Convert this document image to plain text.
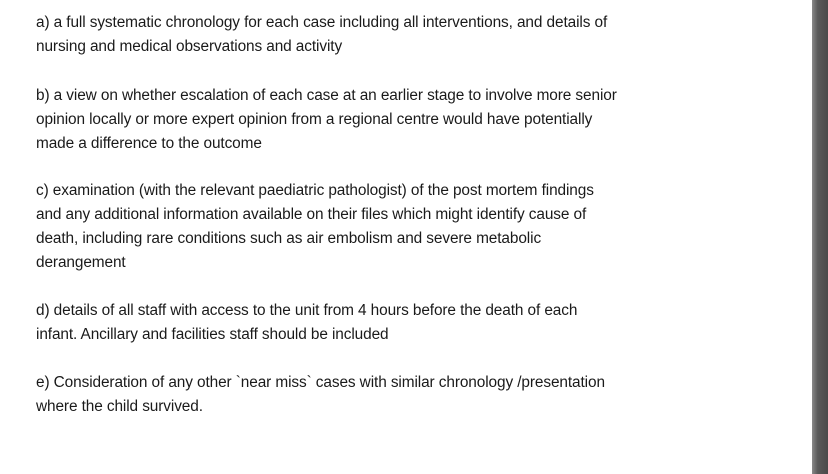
a) a full systematic chronology for each case including all interventions, and details of
nursing and medical observations and activity

b) a view on whether escalation of each case at an earlier stage to involve more senior
opinion locally or more expert opinion from a regional centre would have potentially
made a difference to the outcome

c) examination (with the relevant paediatric pathologist) of the post mortem findings
and any additional information available on their files which might identify cause of
death, including rare conditions such as air embolism and severe metabolic
derangement

d) details of all staff with access to the unit from 4 hours before the death of each
infant. Ancillary and facilities staff should be included

e) Consideration of any other `near miss` cases with similar chronology /presentation
where the child survived.
